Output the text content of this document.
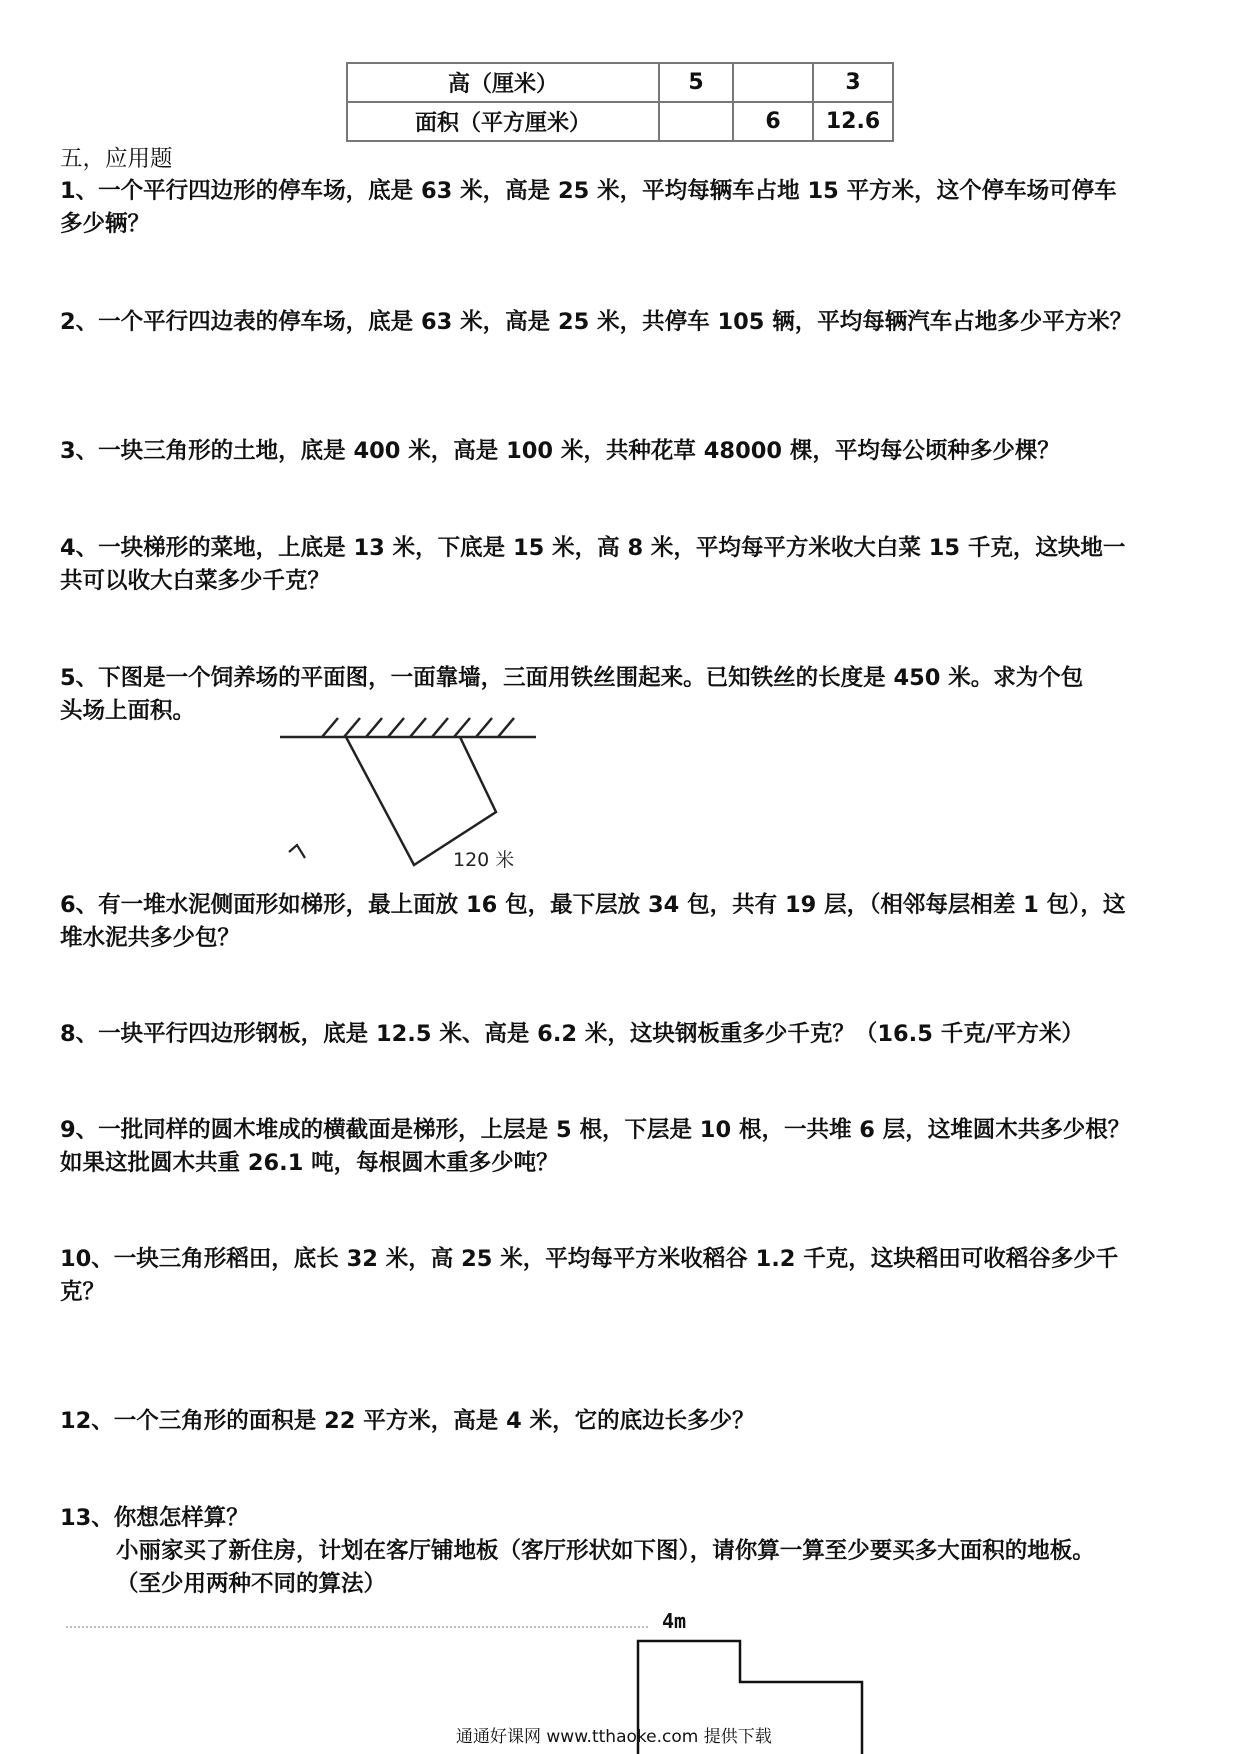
高（厘米）	5		3
面积（平方厘米）		6	12.6
五，应用题
1、一个平行四边形的停车场，底是 63 米，高是 25 米，平均每辆车占地 15 平方米，这个停车场可停车
多少辆？
2、一个平行四边表的停车场，底是 63 米，高是 25 米，共停车 105 辆，平均每辆汽车占地多少平方米？
3、一块三角形的土地，底是 400 米，高是 100 米，共种花草 48000 棵，平均每公顷种多少棵？
4、一块梯形的菜地，上底是 13 米，下底是 15 米，高 8 米，平均每平方米收大白菜 15 千克，这块地一
共可以收大白菜多少千克？
5、下图是一个饲养场的平面图，一面靠墙，三面用铁丝围起来。已知铁丝的长度是 450 米。求为个包
头场上面积。
120 米
6、有一堆水泥侧面形如梯形，最上面放 16 包，最下层放 34 包，共有 19 层，（相邻每层相差 1 包），这
堆水泥共多少包？
8、一块平行四边形钢板，底是 12.5 米、高是 6.2 米，这块钢板重多少千克？（16.5 千克/平方米）
9、一批同样的圆木堆成的横截面是梯形，上层是 5 根，下层是 10 根，一共堆 6 层，这堆圆木共多少根？
如果这批圆木共重 26.1 吨，每根圆木重多少吨？
10、一块三角形稻田，底长 32 米，高 25 米，平均每平方米收稻谷 1.2 千克，这块稻田可收稻谷多少千
克？
12、一个三角形的面积是 22 平方米，高是 4 米，它的底边长多少？
13、你想怎样算？
小丽家买了新住房，计划在客厅铺地板（客厅形状如下图），请你算一算至少要买多大面积的地板。
（至少用两种不同的算法）
4m
通通好课网 www.tthaoke.com 提供下载
